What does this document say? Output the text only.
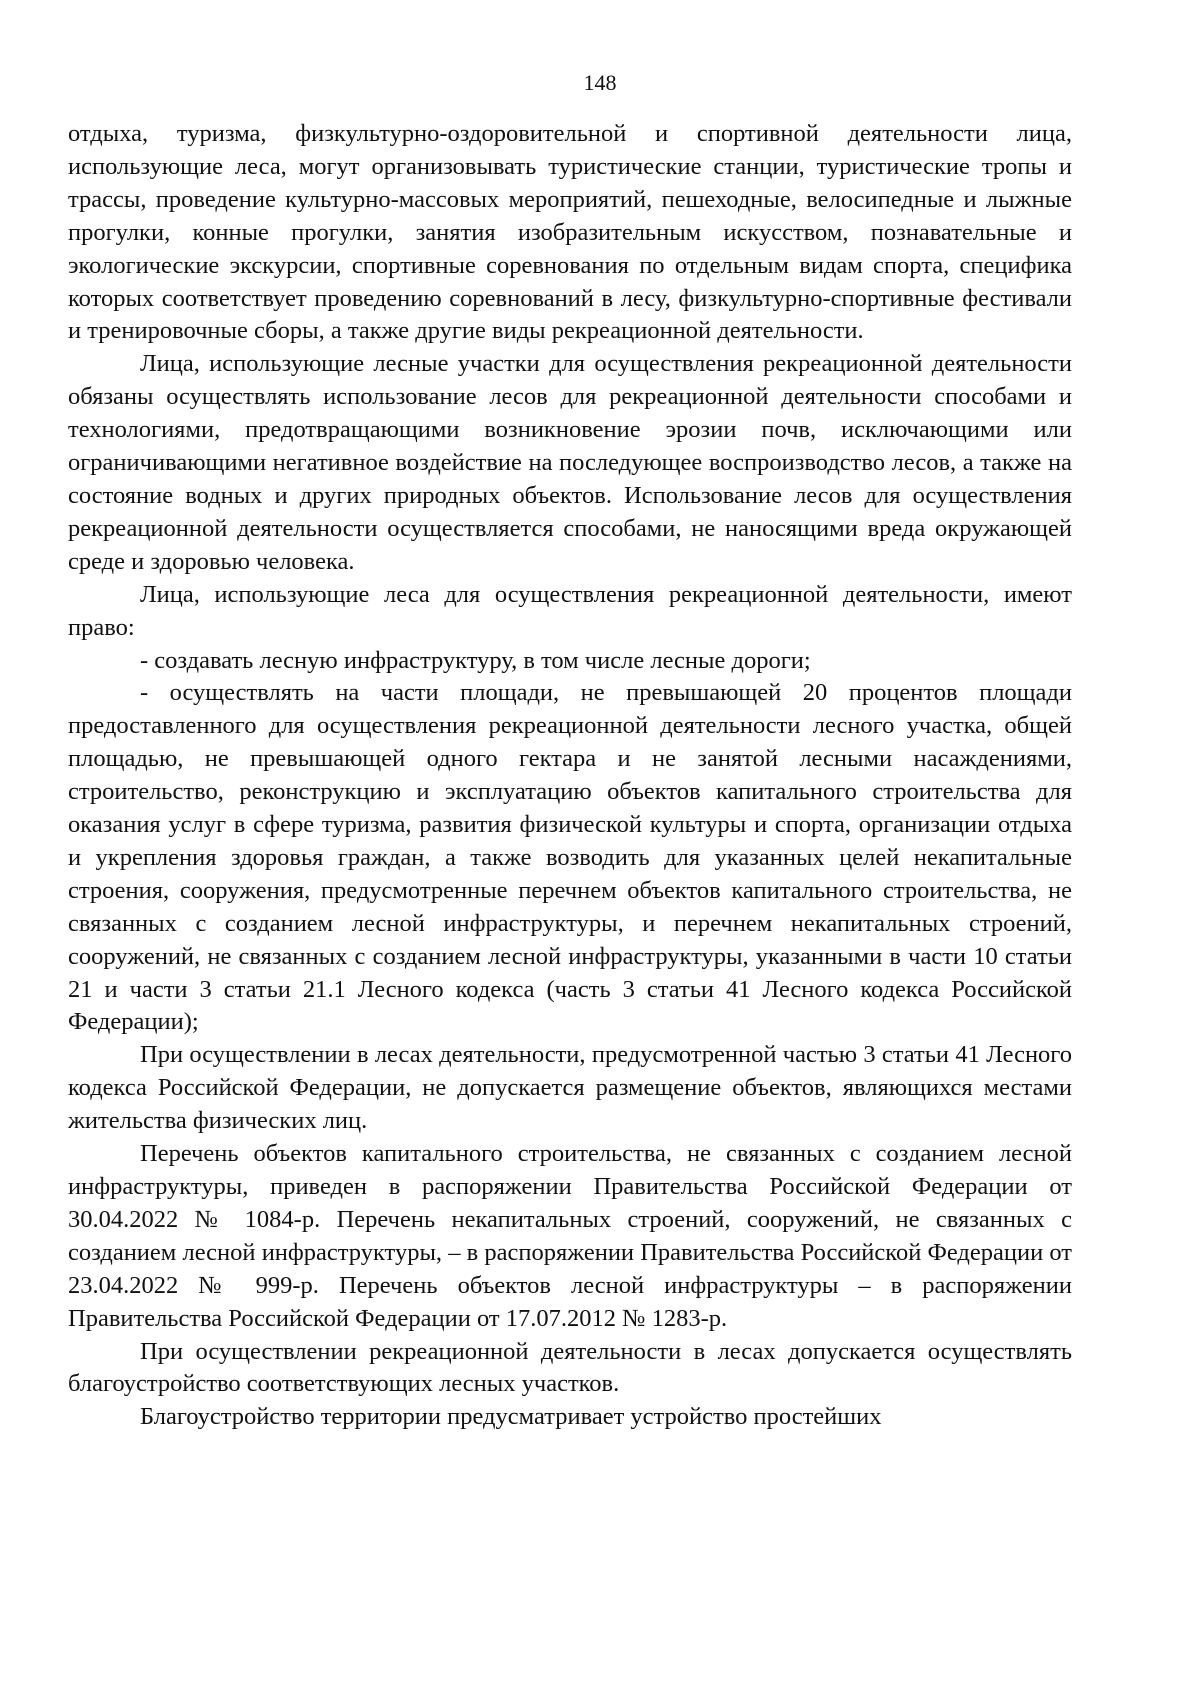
148

отдыха, туризма, физкультурно-оздоровительной и спортивной деятельности лица, использующие леса, могут организовывать туристические станции, туристические тропы и трассы, проведение культурно-массовых мероприятий, пешеходные, велосипедные и лыжные прогулки, конные прогулки, занятия изобразительным искусством, познавательные и экологические экскурсии, спортивные соревнования по отдельным видам спорта, специфика которых соответствует проведению соревнований в лесу, физкультурно-спортивные фестивали и тренировочные сборы, а также другие виды рекреационной деятельности.

Лица, использующие лесные участки для осуществления рекреационной деятельности обязаны осуществлять использование лесов для рекреационной деятельности способами и технологиями, предотвращающими возникновение эрозии почв, исключающими или ограничивающими негативное воздействие на последующее воспроизводство лесов, а также на состояние водных и других природных объектов. Использование лесов для осуществления рекреационной деятельности осуществляется способами, не наносящими вреда окружающей среде и здоровью человека.

Лица, использующие леса для осуществления рекреационной деятельности, имеют право:

- создавать лесную инфраструктуру, в том числе лесные дороги;

- осуществлять на части площади, не превышающей 20 процентов площади предоставленного для осуществления рекреационной деятельности лесного участка, общей площадью, не превышающей одного гектара и не занятой лесными насаждениями, строительство, реконструкцию и эксплуатацию объектов капитального строительства для оказания услуг в сфере туризма, развития физической культуры и спорта, организации отдыха и укрепления здоровья граждан, а также возводить для указанных целей некапитальные строения, сооружения, предусмотренные перечнем объектов капитального строительства, не связанных с созданием лесной инфраструктуры, и перечнем некапитальных строений, сооружений, не связанных с созданием лесной инфраструктуры, указанными в части 10 статьи 21 и части 3 статьи 21.1 Лесного кодекса (часть 3 статьи 41 Лесного кодекса Российской Федерации);

При осуществлении в лесах деятельности, предусмотренной частью 3 статьи 41 Лесного кодекса Российской Федерации, не допускается размещение объектов, являющихся местами жительства физических лиц.

Перечень объектов капитального строительства, не связанных с созданием лесной инфраструктуры, приведен в распоряжении Правительства Российской Федерации от 30.04.2022 № 1084-р. Перечень некапитальных строений, сооружений, не связанных с созданием лесной инфраструктуры, – в распоряжении Правительства Российской Федерации от 23.04.2022 № 999-р. Перечень объектов лесной инфраструктуры – в распоряжении Правительства Российской Федерации от 17.07.2012 № 1283-р.

При осуществлении рекреационной деятельности в лесах допускается осуществлять благоустройство соответствующих лесных участков.

Благоустройство территории предусматривает устройство простейших
